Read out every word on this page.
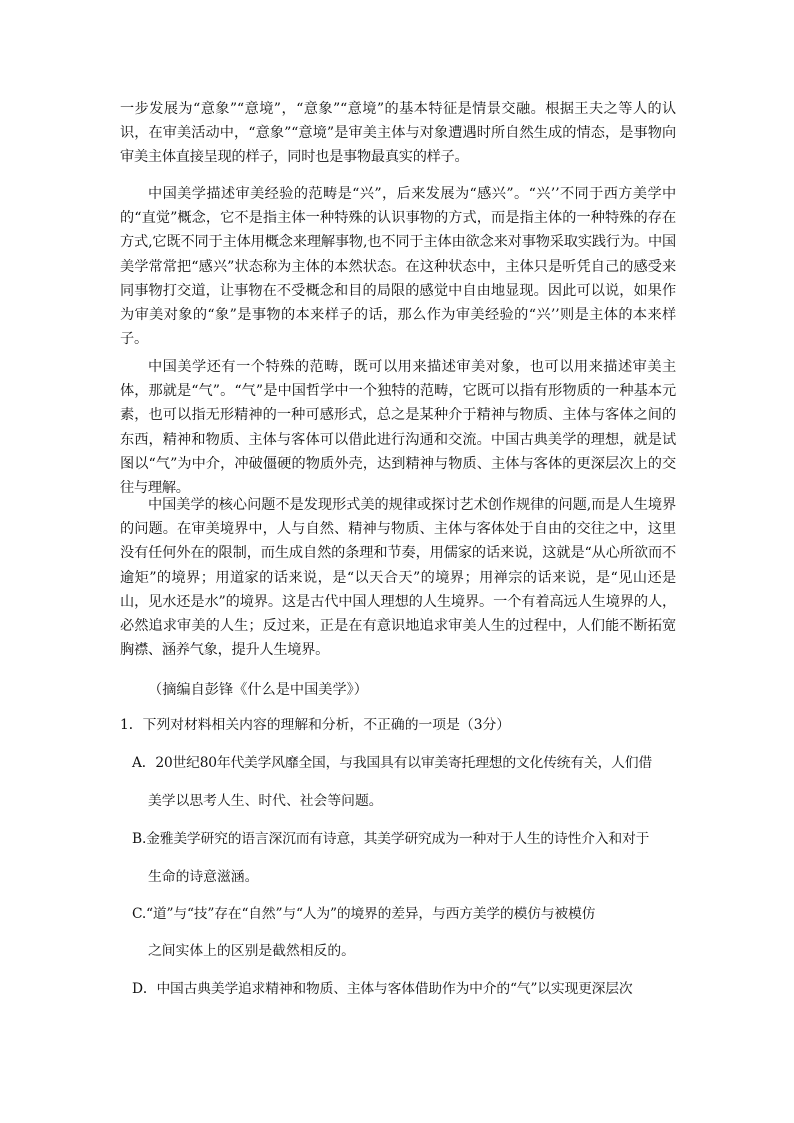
一步发展为“意象”“意境”，“意象”“意境”的基本特征是情景交融。根据王夫之等人的认识，在审美活动中，“意象”“意境”是审美主体与对象遭遇时所自然生成的情态，是事物向审美主体直接呈现的样子，同时也是事物最真实的样子。
中国美学描述审美经验的范畴是“兴”，后来发展为“感兴”。“兴’’不同于西方美学中的“直觉”概念，它不是指主体一种特殊的认识事物的方式，而是指主体的一种特殊的存在方式,它既不同于主体用概念来理解事物,也不同于主体由欲念来对事物采取实践行为。中国美学常常把“感兴”状态称为主体的本然状态。在这种状态中，主体只是听凭自己的感受来同事物打交道，让事物在不受概念和目的局限的感觉中自由地显现。因此可以说，如果作为审美对象的“象”是事物的本来样子的话，那么作为审美经验的“兴’’则是主体的本来样子。
中国美学还有一个特殊的范畴，既可以用来描述审美对象，也可以用来描述审美主体，那就是“气”。“气”是中国哲学中一个独特的范畴，它既可以指有形物质的一种基本元素，也可以指无形精神的一种可感形式，总之是某种介于精神与物质、主体与客体之间的东西，精神和物质、主体与客体可以借此进行沟通和交流。中国古典美学的理想，就是试图以“气”为中介，冲破僵硬的物质外壳，达到精神与物质、主体与客体的更深层次上的交往与理解。
中国美学的核心问题不是发现形式美的规律或探讨艺术创作规律的问题,而是人生境界的问题。在审美境界中，人与自然、精神与物质、主体与客体处于自由的交往之中，这里没有任何外在的限制，而生成自然的条理和节奏，用儒家的话来说，这就是“从心所欲而不逾矩”的境界；用道家的话来说，是“以天合天”的境界；用禅宗的话来说，是“见山还是山，见水还是水”的境界。这是古代中国人理想的人生境界。一个有着高远人生境界的人，必然追求审美的人生；反过来，正是在有意识地追求审美人生的过程中，人们能不断拓宽胸襟、涵养气象，提升人生境界。
（摘编自彭锋《什么是中国美学》）
1．下列对材料相关内容的理解和分析，不正确的一项是（3分）
A．20世纪80年代美学风靡全国，与我国具有以审美寄托理想的文化传统有关，人们借
美学以思考人生、时代、社会等问题。
B.金雅美学研究的语言深沉而有诗意，其美学研究成为一种对于人生的诗性介入和对于
生命的诗意滋涵。
C.“道”与“技”存在“自然”与“人为”的境界的差异，与西方美学的模仿与被模仿
之间实体上的区别是截然相反的。
D．中国古典美学追求精神和物质、主体与客体借助作为中介的“气”以实现更深层次
